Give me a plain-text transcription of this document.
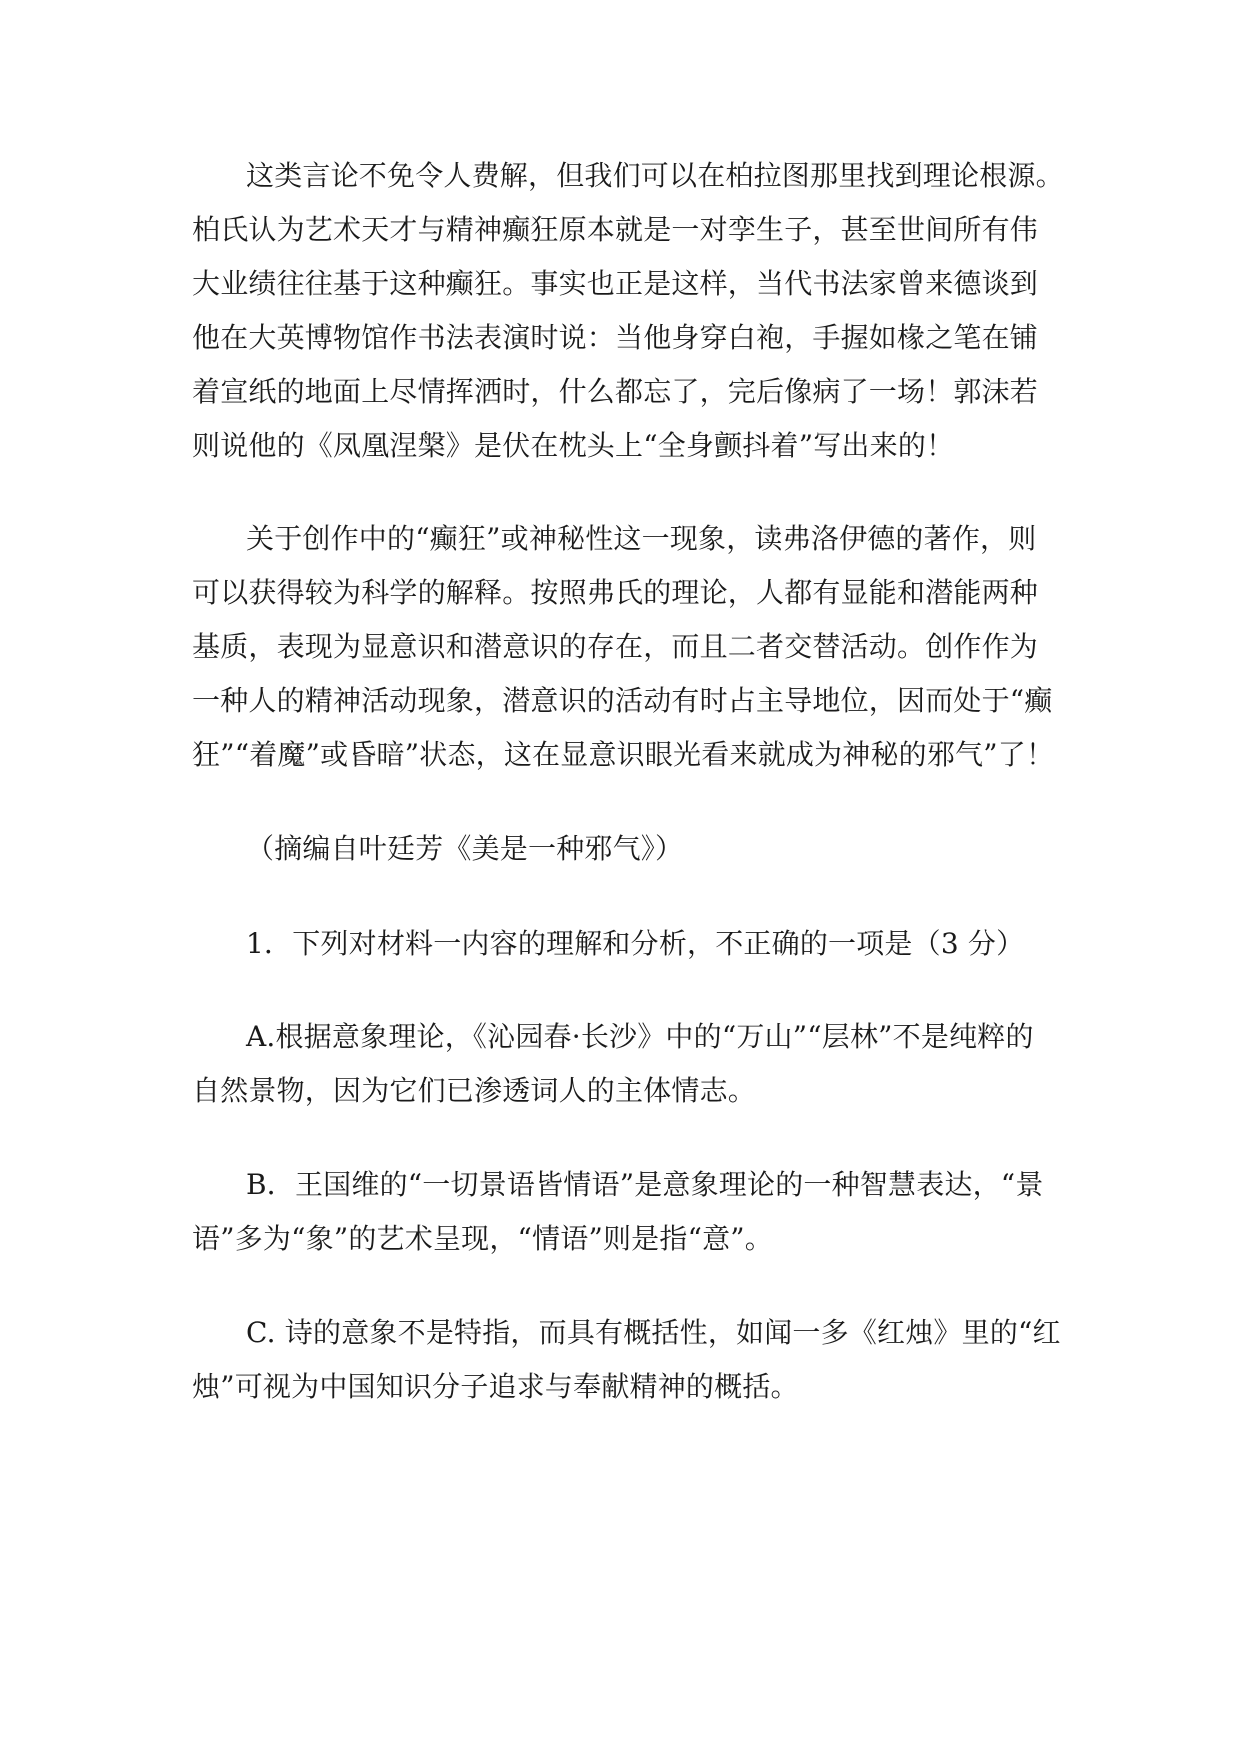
这类言论不免令人费解，但我们可以在柏拉图那里找到理论根源。
柏氏认为艺术天才与精神癫狂原本就是一对孪生子，甚至世间所有伟
大业绩往往基于这种癫狂。事实也正是这样，当代书法家曾来德谈到
他在大英博物馆作书法表演时说：当他身穿白袍，手握如椽之笔在铺
着宣纸的地面上尽情挥洒时，什么都忘了，完后像病了一场！郭沫若
则说他的《凤凰涅槃》是伏在枕头上“全身颤抖着”写出来的！
关于创作中的“癫狂”或神秘性这一现象，读弗洛伊德的著作，则
可以获得较为科学的解释。按照弗氏的理论，人都有显能和潜能两种
基质，表现为显意识和潜意识的存在，而且二者交替活动。创作作为
一种人的精神活动现象，潜意识的活动有时占主导地位，因而处于“癫
狂”“着魔”或昏暗”状态，这在显意识眼光看来就成为神秘的邪气”了！
（摘编自叶廷芳《美是一种邪气》）
1．下列对材料一内容的理解和分析，不正确的一项是（3 分）
A.根据意象理论，《沁园春·长沙》中的“万山”“层林”不是纯粹的
自然景物，因为它们已渗透词人的主体情志。
B．王国维的“一切景语皆情语”是意象理论的一种智慧表达，“景
语”多为“象”的艺术呈现，“情语”则是指“意”。
C. 诗的意象不是特指，而具有概括性，如闻一多《红烛》里的“红
烛”可视为中国知识分子追求与奉献精神的概括。
